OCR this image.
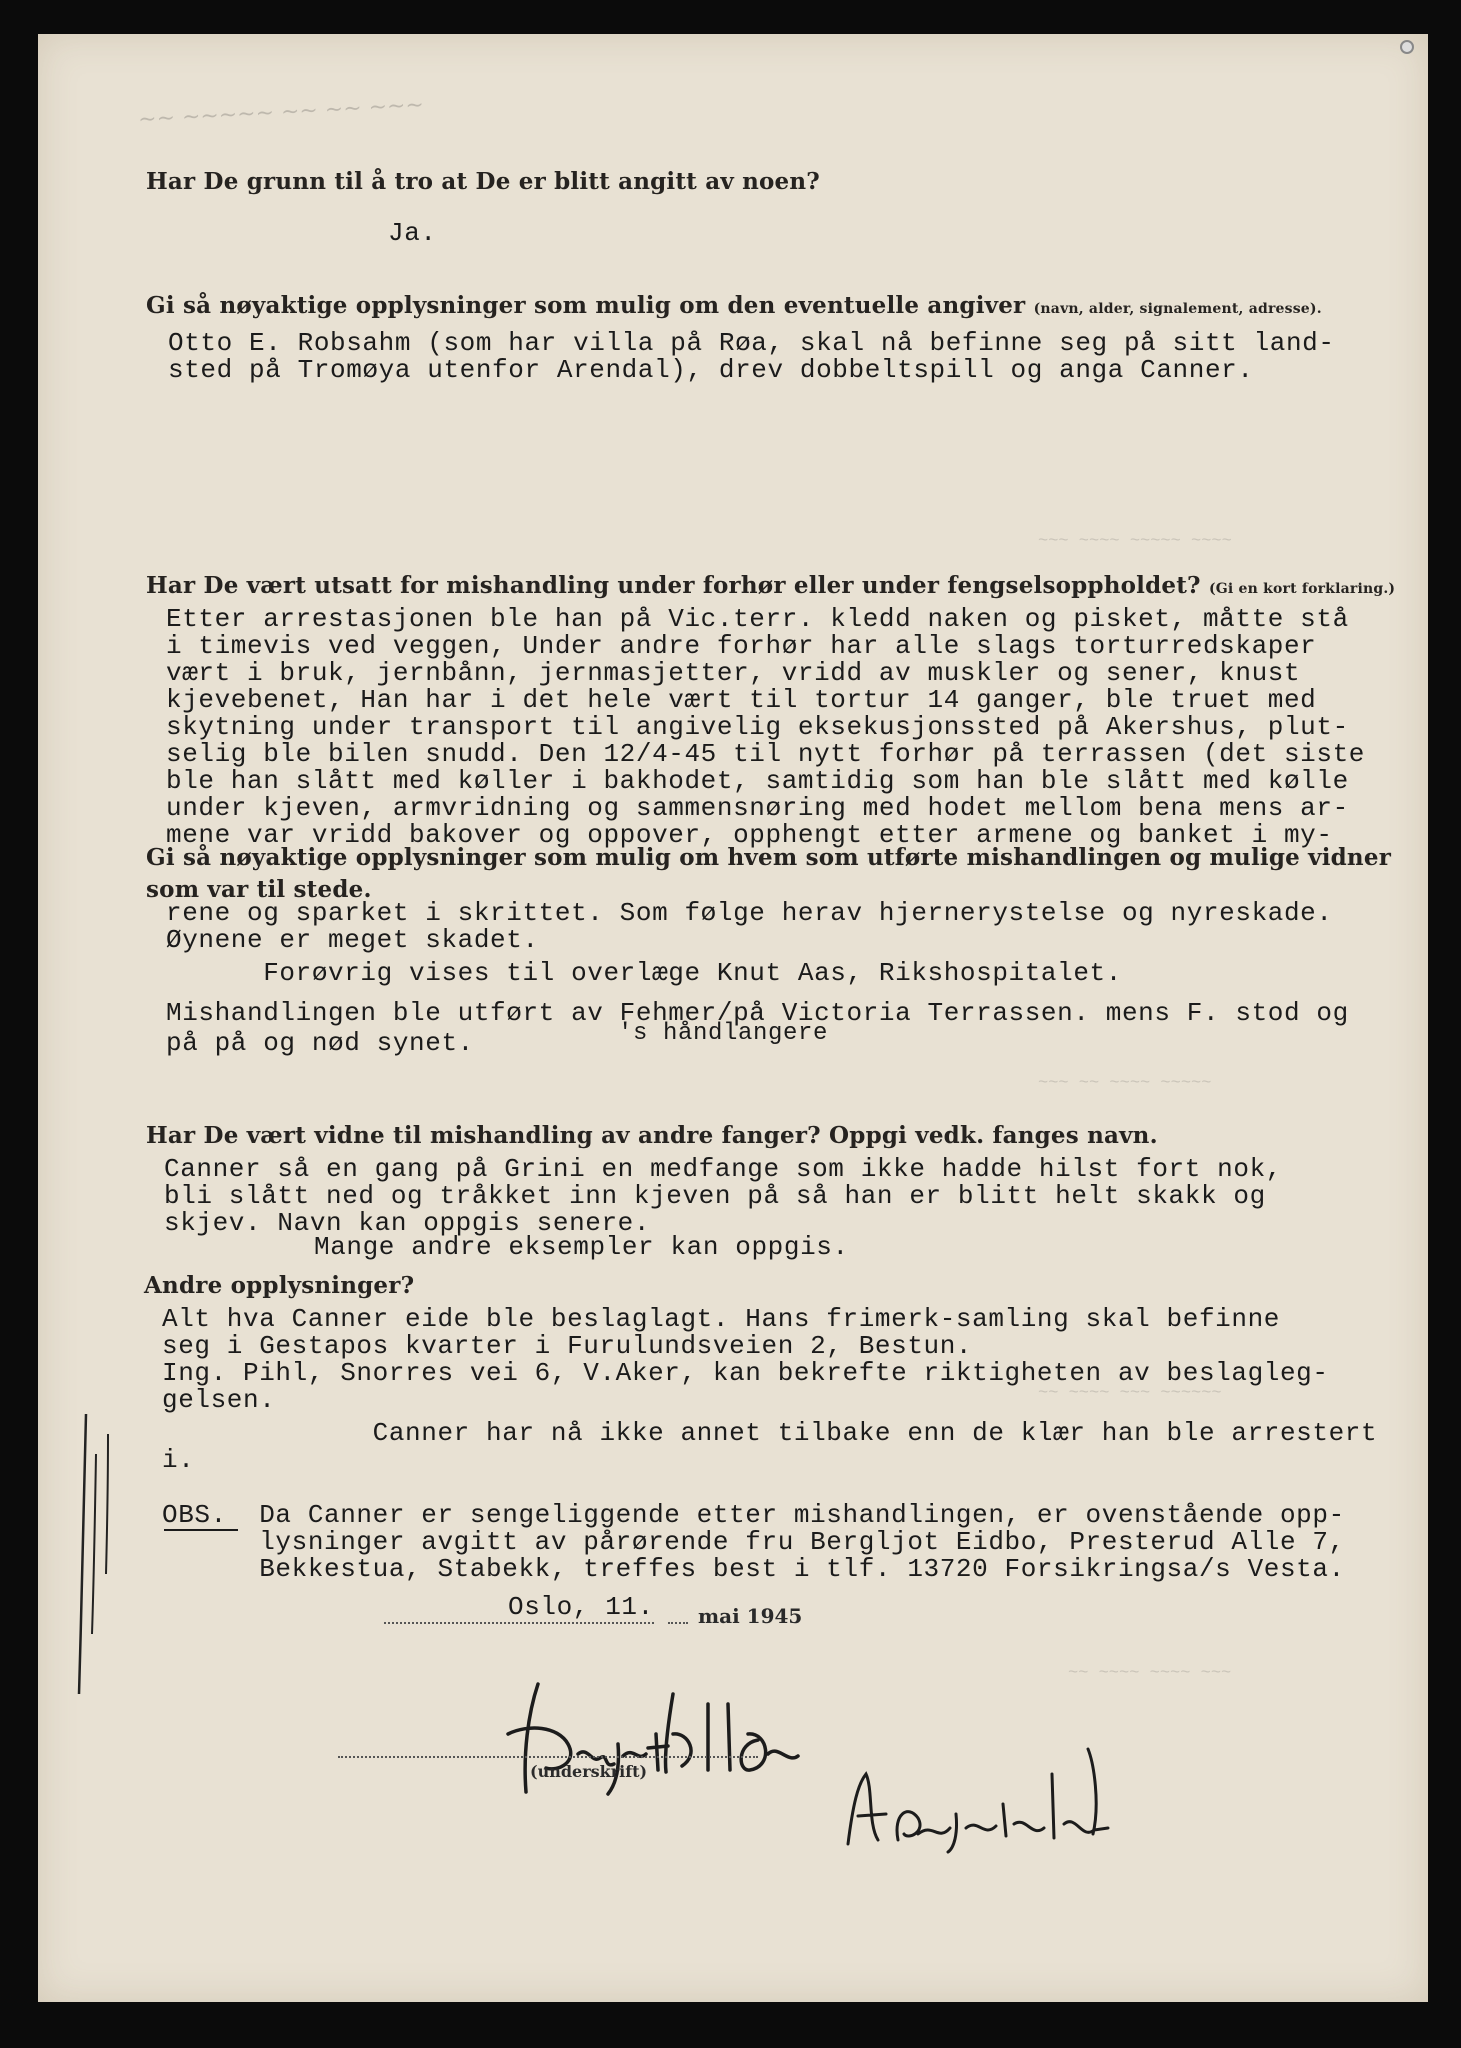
~~ ~~~~~ ~~ ~~ ~~~
~~~ ~~~~ ~~~~~ ~~~~
~~~ ~~ ~~~~ ~~~~~
~~ ~~~~ ~~~ ~~~~~~
~~ ~~~~ ~~~~ ~~~
Har De grunn til å tro at De er blitt angitt av noen?
Ja.
Gi så nøyaktige opplysninger som mulig om den eventuelle angiver (navn, alder, signalement, adresse).
Otto E. Robsahm (som har villa på Røa, skal nå befinne seg på sitt land-
sted på Tromøya utenfor Arendal), drev dobbeltspill og anga Canner.
Har De vært utsatt for mishandling under forhør eller under fengselsoppholdet? (Gi en kort forklaring.)
Etter arrestasjonen ble han på Vic.terr. kledd naken og pisket, måtte stå
i timevis ved veggen, Under andre forhør har alle slags torturredskaper
vært i bruk, jernbånn, jernmasjetter, vridd av muskler og sener, knust
kjevebenet, Han har i det hele vært til tortur 14 ganger, ble truet med
skytning under transport til angivelig eksekusjonssted på Akershus, plut-
selig ble bilen snudd. Den 12/4-45 til nytt forhør på terrassen (det siste
ble han slått med køller i bakhodet, samtidig som han ble slått med kølle
under kjeven, armvridning og sammensnøring med hodet mellom bena mens ar-
mene var vridd bakover og oppover, opphengt etter armene og banket i my-
Gi så nøyaktige opplysninger som mulig om hvem som utførte mishandlingen og mulige vidner
som var til stede.
rene og sparket i skrittet. Som følge herav hjernerystelse og nyreskade.
Øynene er meget skadet.
Forøvrig vises til overlæge Knut Aas, Rikshospitalet.
Mishandlingen ble utført av Fehmer/på Victoria Terrassen. mens F. stod og
på på og nød synet.	's håndlangere
Har De vært vidne til mishandling av andre fanger? Oppgi vedk. fanges navn.
Canner så en gang på Grini en medfange som ikke hadde hilst fort nok,
bli slått ned og tråkket inn kjeven på så han er blitt helt skakk og
skjev. Navn kan oppgis senere.
Mange andre eksempler kan oppgis.
Andre opplysninger?
Alt hva Canner eide ble beslaglagt. Hans frimerk-samling skal befinne
seg i Gestapos kvarter i Furulundsveien 2, Bestun.
Ing. Pihl, Snorres vei 6, V.Aker, kan bekrefte riktigheten av beslagleg-
gelsen.
Canner har nå ikke annet tilbake enn de klær han ble arrestert
i.
OBS.  Da Canner er sengeliggende etter mishandlingen, er ovenstående opp-
lysninger avgitt av pårørende fru Bergljot Eidbo, Presterud Alle 7,
Bekkestua, Stabekk, treffes best i tlf. 13720 Forsikringsa/s Vesta.
Oslo, 11. mai 1945
(underskrift)
